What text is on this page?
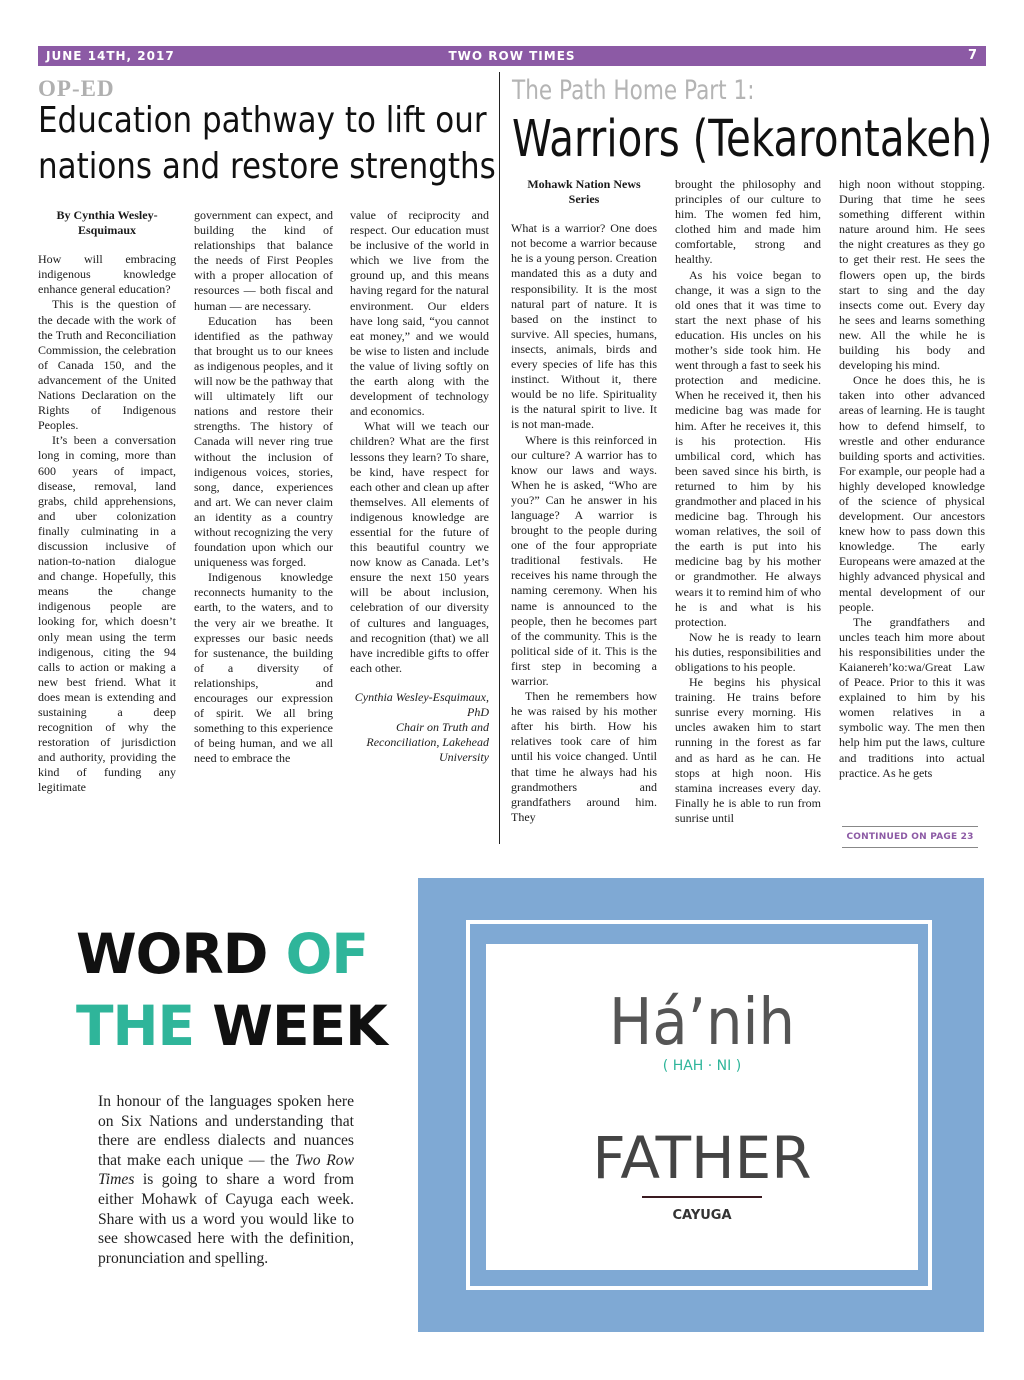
TWO ROW TIMES
JUNE 14TH, 2017	7
OP-ED
Education pathway to lift our
nations and restore strengths

By Cynthia Wesley-Esquimaux

How will embracing indigenous knowledge enhance general education?

This is the question of the decade with the work of the Truth and Reconciliation Commission, the celebration of Canada 150, and the advancement of the United Nations Declaration on the Rights of Indigenous Peoples.

It’s been a conversation long in coming, more than 600 years of impact, disease, removal, land grabs, child apprehensions, and uber colonization finally culminating in a discussion inclusive of nation-to-nation dialogue and change. Hopefully, this means the change indigenous people are looking for, which doesn’t only mean using the term indigenous, citing the 94 calls to action or making a new best friend. What it does mean is extending and sustaining a deep recognition of why the restoration of jurisdiction and authority, providing the kind of funding any legitimate

government can expect, and building the kind of relationships that balance the needs of First Peoples with a proper allocation of resources — both fiscal and human — are necessary.

Education has been identified as the pathway that brought us to our knees as indigenous peoples, and it will now be the pathway that will ultimately lift our nations and restore their strengths. The history of Canada will never ring true without the inclusion of indigenous voices, stories, song, dance, experiences and art. We can never claim an identity as a country without recognizing the very foundation upon which our uniqueness was forged.

Indigenous knowledge reconnects humanity to the earth, to the waters, and to the very air we breathe. It expresses our basic needs for sustenance, the building of a diversity of relationships, and encourages our expression of spirit. We all bring something to this experience of being human, and we all need to embrace the

value of reciprocity and respect. Our education must be inclusive of the world in which we live from the ground up, and this means having regard for the natural environment. Our elders have long said, “you cannot eat money,” and we would be wise to listen and include the value of living softly on the earth along with the development of technology and economics.

What will we teach our children? What are the first lessons they learn? To share, be kind, have respect for each other and clean up after themselves. All elements of indigenous knowledge are essential for the future of this beautiful country we now know as Canada. Let’s ensure the next 150 years will be about inclusion, celebration of our diversity of cultures and languages, and recognition (that) we all have incredible gifts to offer each other.

Cynthia Wesley-Esquimaux, PhD

Chair on Truth and Reconciliation, Lakehead University

The Path Home Part 1:
Warriors (Tekarontakeh)

Mohawk Nation News Series

What is a warrior? One does not become a warrior because he is a young person. Creation mandated this as a duty and responsibility. It is the most natural part of nature. It is based on the instinct to survive. All species, humans, insects, animals, birds and every species of life has this instinct. Without it, there would be no life. Spirituality is the natural spirit to live. It is not man-made.

Where is this reinforced in our culture? A warrior has to know our laws and ways. When he is asked, “Who are you?” Can he answer in his language? A warrior is brought to the people during one of the four appropriate traditional festivals. He receives his name through the naming ceremony. When his name is announced to the people, then he becomes part of the community. This is the political side of it. This is the first step in becoming a warrior.

Then he remembers how he was raised by his mother after his birth. How his relatives took care of him until his voice changed. Until that time he always had his grandmothers and grandfathers around him. They

brought the philosophy and principles of our culture to him. The women fed him, clothed him and made him comfortable, strong and healthy.

As his voice began to change, it was a sign to the old ones that it was time to start the next phase of his education. His uncles on his mother’s side took him. He went through a fast to seek his protection and medicine. When he received it, then his medicine bag was made for him. After he receives it, this is his protection. His umbilical cord, which has been saved since his birth, is returned to him by his grandmother and placed in his medicine bag. Through his woman relatives, the soil of the earth is put into his medicine bag by his mother or grandmother. He always wears it to remind him of who he is and what is his protection.

Now he is ready to learn his duties, responsibilities and obligations to his people.

He begins his physical training. He trains before sunrise every morning. His uncles awaken him to start running in the forest as far and as hard as he can. He stops at high noon. His stamina increases every day. Finally he is able to run from sunrise until

high noon without stopping. During that time he sees something different within nature around him. He sees the night creatures as they go to get their rest. He sees the flowers open up, the birds start to sing and the day insects come out. Every day he sees and learns something new. All the while he is building his body and developing his mind.

Once he does this, he is taken into other advanced areas of learning. He is taught how to defend himself, to wrestle and other endurance building sports and activities. For example, our people had a highly developed knowledge of the science of physical development. Our ancestors knew how to pass down this knowledge. The early Europeans were amazed at the highly advanced physical and mental development of our people.

The grandfathers and uncles teach him more about his responsibilities under the Kaianereh’ko:wa/Great Law of Peace. Prior to this it was explained to him by his women relatives in a symbolic way. The men then help him put the laws, culture and traditions into actual practice. As he gets

CONTINUED ON PAGE 23
WORD OF
THE WEEK
In honour of the languages spoken here on Six Nations and understanding that there are endless dialects and nuances that make each unique — the Two Row Times is going to share a word from either Mohawk of Cayuga each week. Share with us a word you would like to see showcased here with the definition, pronunciation and spelling.
Há’nih
( HAH · NI )
FATHER
CAYUGA
